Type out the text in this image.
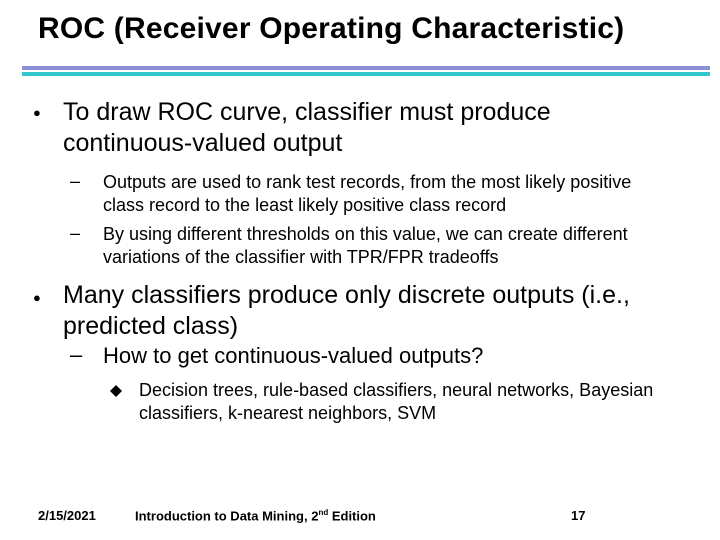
ROC (Receiver Operating Characteristic)
● To draw ROC curve, classifier must produce continuous-valued output
– Outputs are used to rank test records, from the most likely positive class record to the least likely positive class record
– By using different thresholds on this value, we can create different variations of the classifier with TPR/FPR tradeoffs
● Many classifiers produce only discrete outputs (i.e., predicted class)
– How to get continuous-valued outputs?
Decision trees, rule-based classifiers, neural networks, Bayesian classifiers, k-nearest neighbors, SVM
2/15/2021	Introduction to Data Mining, 2nd Edition	17
